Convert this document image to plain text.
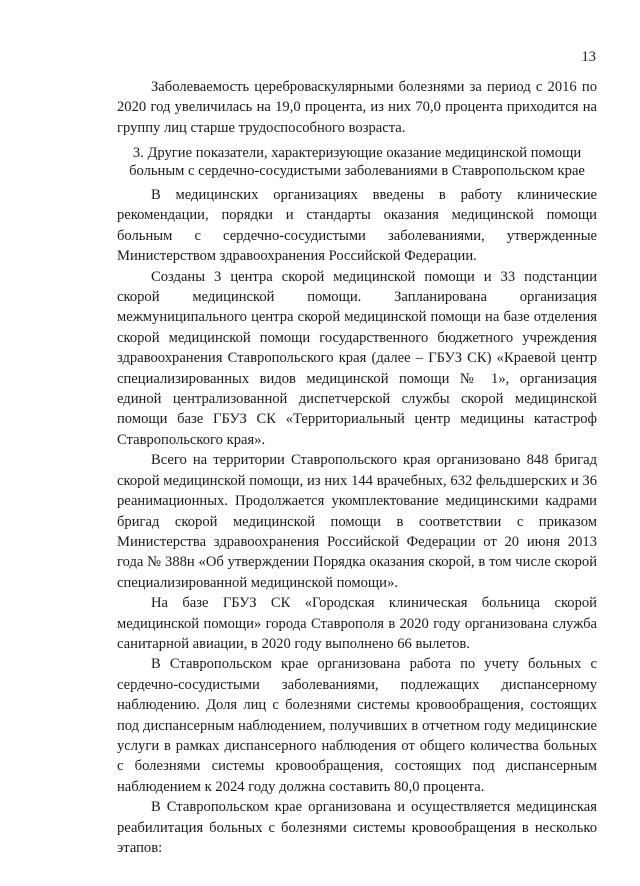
13

Заболеваемость цереброваскулярными болезнями за период с 2016 по 2020 год увеличилась на 19,0 процента, из них 70,0 процента приходится на группу лиц старше трудоспособного возраста.

3. Другие показатели, характеризующие оказание медицинской помощи больным с сердечно-сосудистыми заболеваниями в Ставропольском крае

В медицинских организациях введены в работу клинические рекомендации, порядки и стандарты оказания медицинской помощи больным с сердечно-сосудистыми заболеваниями, утвержденные Министерством здравоохранения Российской Федерации.

Созданы 3 центра скорой медицинской помощи и 33 подстанции скорой медицинской помощи. Запланирована организация межмуниципального центра скорой медицинской помощи на базе отделения скорой медицинской помощи государственного бюджетного учреждения здравоохранения Ставропольского края (далее – ГБУЗ СК) «Краевой центр специализированных видов медицинской помощи № 1», организация единой централизованной диспетчерской службы скорой медицинской помощи базе ГБУЗ СК «Территориальный центр медицины катастроф Ставропольского края».

Всего на территории Ставропольского края организовано 848 бригад скорой медицинской помощи, из них 144 врачебных, 632 фельдшерских и 36 реанимационных. Продолжается укомплектование медицинскими кадрами бригад скорой медицинской помощи в соответствии с приказом Министерства здравоохранения Российской Федерации от 20 июня 2013 года № 388н «Об утверждении Порядка оказания скорой, в том числе скорой специализированной медицинской помощи».

На базе ГБУЗ СК «Городская клиническая больница скорой медицинской помощи» города Ставрополя в 2020 году организована служба санитарной авиации, в 2020 году выполнено 66 вылетов.

В Ставропольском крае организована работа по учету больных с сердечно-сосудистыми заболеваниями, подлежащих диспансерному наблюдению. Доля лиц с болезнями системы кровообращения, состоящих под диспансерным наблюдением, получивших в отчетном году медицинские услуги в рамках диспансерного наблюдения от общего количества больных с болезнями системы кровообращения, состоящих под диспансерным наблюдением к 2024 году должна составить 80,0 процента.

В Ставропольском крае организована и осуществляется медицинская реабилитация больных с болезнями системы кровообращения в несколько этапов:
